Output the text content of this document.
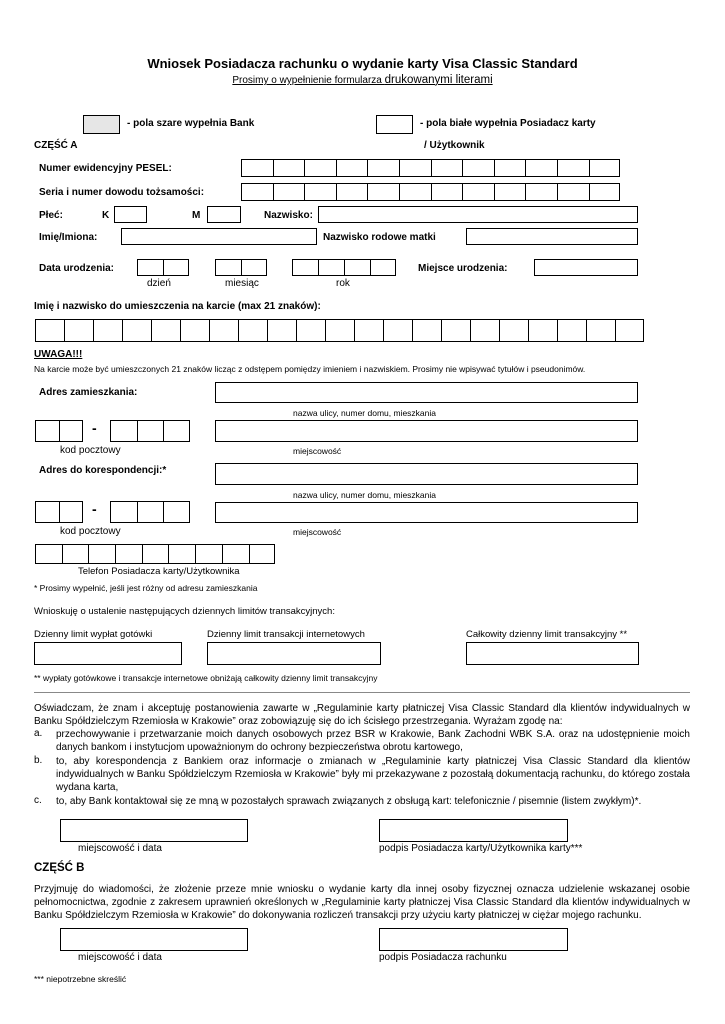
Wniosek Posiadacza rachunku o wydanie karty Visa Classic Standard
Prosimy o wypełnienie formularza drukowanymi literami
- pola szare wypełnia Bank	- pola białe wypełnia Posiadacz karty
CZĘŚĆ A	/ Użytkownik
Numer ewidencyjny PESEL:
Seria i numer dowodu tożsamości:
Płeć:	K	M	Nazwisko:
Imię/Imiona:	Nazwisko rodowe matki
Data urodzenia:
dzień	miesiąc	rok
Miejsce urodzenia:
Imię i nazwisko do umieszczenia na karcie (max 21 znaków):
UWAGA!!!
Na karcie może być umieszczonych 21 znaków licząc z odstępem pomiędzy imieniem i nazwiskiem. Prosimy nie wpisywać tytułów i pseudonimów.
Adres zamieszkania:
nazwa ulicy, numer domu, mieszkania
-
kod pocztowy	miejscowość
Adres do korespondencji:*
nazwa ulicy, numer domu, mieszkania
-
kod pocztowy	miejscowość
Telefon Posiadacza karty/Użytkownika
* Prosimy wypełnić, jeśli jest różny od adresu zamieszkania
Wnioskuję o ustalenie następujących dziennych limitów transakcyjnych:
Dzienny limit wypłat gotówki	Dzienny limit transakcji internetowych	Całkowity dzienny limit transakcyjny **
** wypłaty gotówkowe i transakcje internetowe obniżają całkowity dzienny limit transakcyjny
Oświadczam, że znam i akceptuję postanowienia zawarte w „Regulaminie karty płatniczej Visa Classic Standard dla klientów indywidualnych w Banku Spółdzielczym Rzemiosła w Krakowie” oraz zobowiązuję się do ich ścisłego przestrzegania. Wyrażam zgodę na:
a. przechowywanie i przetwarzanie moich danych osobowych przez BSR w Krakowie, Bank Zachodni WBK S.A. oraz na udostępnienie moich danych bankom i instytucjom upoważnionym do ochrony bezpieczeństwa obrotu kartowego,
b. to, aby korespondencja z Bankiem oraz informacje o zmianach w „Regulaminie karty płatniczej Visa Classic Standard dla klientów indywidualnych w Banku Spółdzielczym Rzemiosła w Krakowie” były mi przekazywane z pozostałą dokumentacją rachunku, do którego została wydana karta,
c. to, aby Bank kontaktował się ze mną w pozostałych sprawach związanych z obsługą kart: telefonicznie / pisemnie (listem zwykłym)*.
miejscowość i data	podpis Posiadacza karty/Użytkownika karty***
CZĘŚĆ B
Przyjmuję do wiadomości, że złożenie przeze mnie wniosku o wydanie karty dla innej osoby fizycznej oznacza udzielenie wskazanej osobie pełnomocnictwa, zgodnie z zakresem uprawnień określonych w „Regulaminie karty płatniczej Visa Classic Standard dla klientów indywidualnych w Banku Spółdzielczym Rzemiosła w Krakowie” do dokonywania rozliczeń transakcji przy użyciu karty płatniczej w ciężar mojego rachunku.
miejscowość i data	podpis Posiadacza rachunku
*** niepotrzebne skreślić
